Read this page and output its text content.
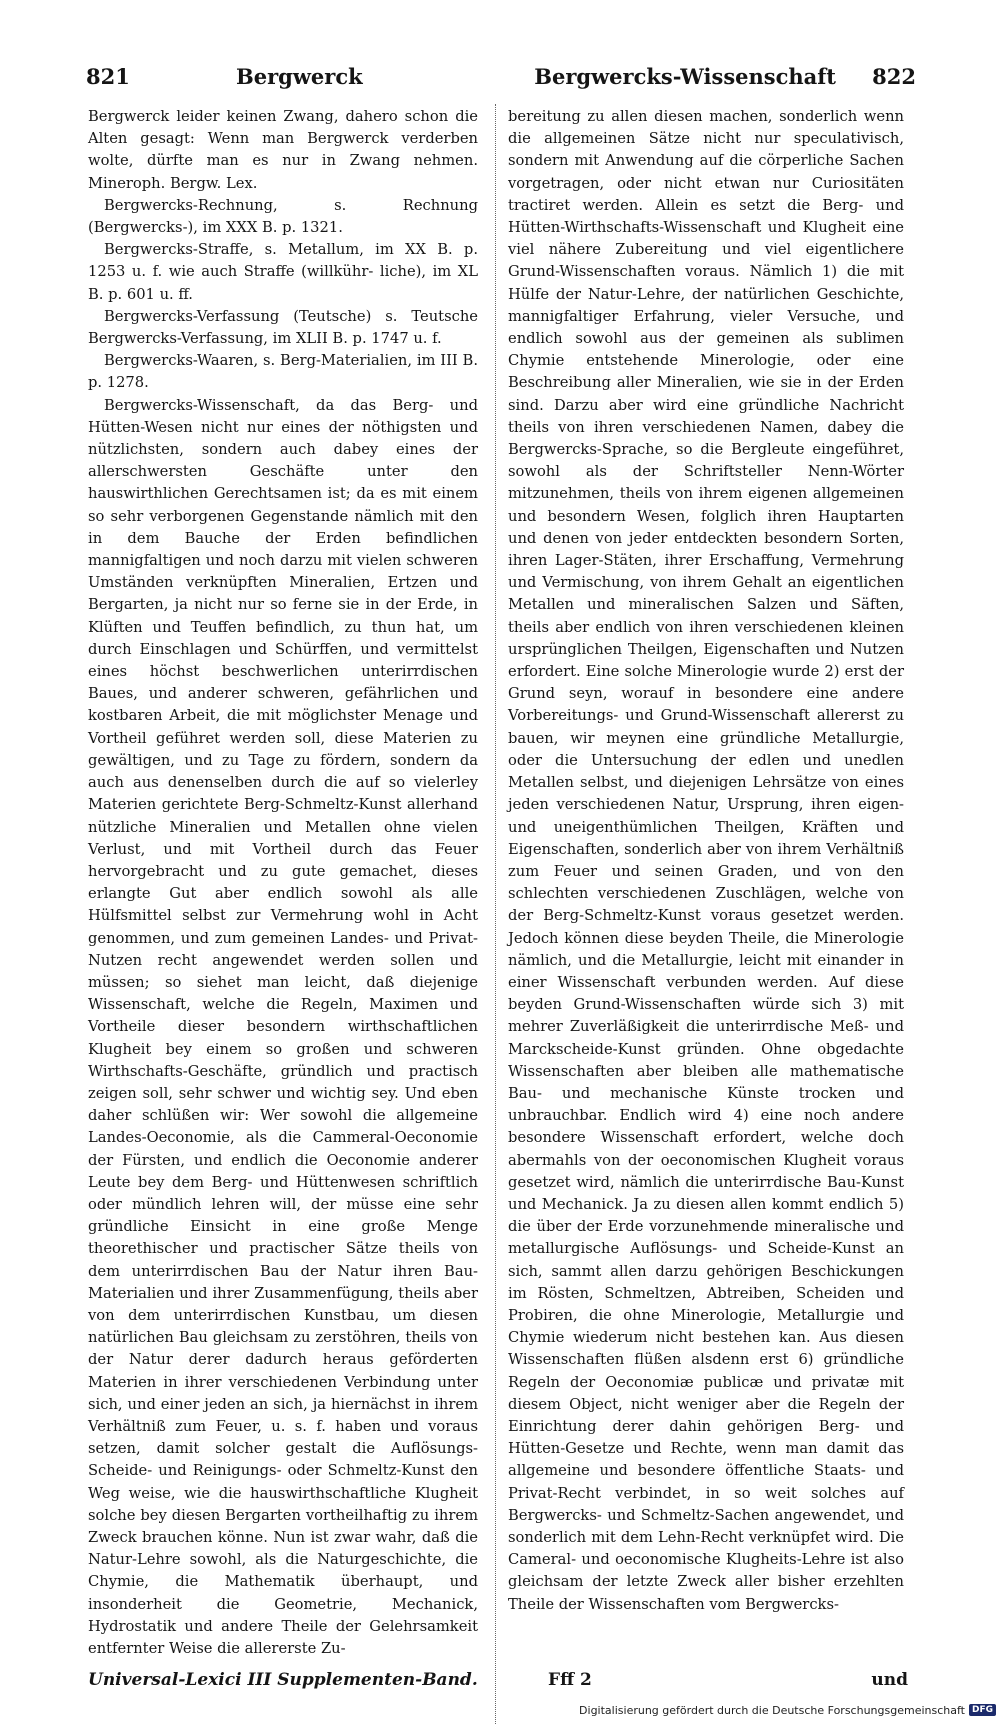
821	Bergwerck	Bergwercks-Wissenschaft 822

Bergwerck leider keinen Zwang, dahero schon die Alten gesagt: Wenn man Bergwerck verderben wolte, dürfte man es nur in Zwang nehmen. Mineroph. Bergw. Lex.

Bergwercks-Rechnung, s. Rechnung (Bergwercks-), im XXX B. p. 1321.

Bergwercks-Straffe, s. Metallum, im XX B. p. 1253 u. f. wie auch Straffe (willkühr- liche), im XL B. p. 601 u. ff.

Bergwercks-Verfassung (Teutsche) s. Teutsche Bergwercks-Verfassung, im XLII B. p. 1747 u. f.

Bergwercks-Waaren, s. Berg-Materialien, im III B. p. 1278.

Bergwercks-Wissenschaft, da das Berg- und Hütten-Wesen nicht nur eines der nöthigsten und nützlichsten, sondern auch dabey eines der allerschwersten Geschäfte unter den hauswirthlichen Gerechtsamen ist; da es mit einem so sehr verborgenen Gegenstande nämlich mit den in dem Bauche der Erden befindlichen mannigfaltigen und noch darzu mit vielen schweren Umständen verknüpften Mineralien, Ertzen und Bergarten, ja nicht nur so ferne sie in der Erde, in Klüften und Teuffen befindlich, zu thun hat, um durch Einschlagen und Schürffen, und vermittelst eines höchst beschwerlichen unterirrdischen Baues, und anderer schweren, gefährlichen und kostbaren Arbeit, die mit möglichster Menage und Vortheil geführet werden soll, diese Materien zu gewältigen, und zu Tage zu fördern, sondern da auch aus denenselben durch die auf so vielerley Materien gerichtete Berg-Schmeltz-Kunst allerhand nützliche Mineralien und Metallen ohne vielen Verlust, und mit Vortheil durch das Feuer hervorgebracht und zu gute gemachet, dieses erlangte Gut aber endlich sowohl als alle Hülfsmittel selbst zur Vermehrung wohl in Acht genommen, und zum gemeinen Landes- und Privat-Nutzen recht angewendet werden sollen und müssen; so siehet man leicht, daß diejenige Wissenschaft, welche die Regeln, Maximen und Vortheile dieser besondern wirthschaftlichen Klugheit bey einem so großen und schweren Wirthschafts-Geschäfte, gründlich und practisch zeigen soll, sehr schwer und wichtig sey. Und eben daher schlüßen wir: Wer sowohl die allgemeine Landes-Oeconomie, als die Cammeral-Oeconomie der Fürsten, und endlich die Oeconomie anderer Leute bey dem Berg- und Hüttenwesen schriftlich oder mündlich lehren will, der müsse eine sehr gründliche Einsicht in eine große Menge theorethischer und practischer Sätze theils von dem unterirrdischen Bau der Natur ihren Bau-Materialien und ihrer Zusammenfügung, theils aber von dem unterirrdischen Kunstbau, um diesen natürlichen Bau gleichsam zu zerstöhren, theils von der Natur derer dadurch heraus geförderten Materien in ihrer verschiedenen Verbindung unter sich, und einer jeden an sich, ja hiernächst in ihrem Verhältniß zum Feuer, u. s. f. haben und voraus setzen, damit solcher gestalt die Auflösungs-Scheide- und Reinigungs- oder Schmeltz-Kunst den Weg weise, wie die hauswirthschaftliche Klugheit solche bey diesen Bergarten vortheilhaftig zu ihrem Zweck brauchen könne. Nun ist zwar wahr, daß die Natur-Lehre sowohl, als die Naturgeschichte, die Chymie, die Mathematik überhaupt, und insonderheit die Geometrie, Mechanick, Hydrostatik und andere Theile der Gelehrsamkeit entfernter Weise die allererste Zu-

bereitung zu allen diesen machen, sonderlich wenn die allgemeinen Sätze nicht nur speculativisch, sondern mit Anwendung auf die cörperliche Sachen vorgetragen, oder nicht etwan nur Curiositäten tractiret werden. Allein es setzt die Berg- und Hütten-Wirthschafts-Wissenschaft und Klugheit eine viel nähere Zubereitung und viel eigentlichere Grund-Wissenschaften voraus. Nämlich 1) die mit Hülfe der Natur-Lehre, der natürlichen Geschichte, mannigfaltiger Erfahrung, vieler Versuche, und endlich sowohl aus der gemeinen als sublimen Chymie entstehende Minerologie, oder eine Beschreibung aller Mineralien, wie sie in der Erden sind. Darzu aber wird eine gründliche Nachricht theils von ihren verschiedenen Namen, dabey die Bergwercks-Sprache, so die Bergleute eingeführet, sowohl als der Schriftsteller Nenn-Wörter mitzunehmen, theils von ihrem eigenen allgemeinen und besondern Wesen, folglich ihren Hauptarten und denen von jeder entdeckten besondern Sorten, ihren Lager-Stäten, ihrer Erschaffung, Vermehrung und Vermischung, von ihrem Gehalt an eigentlichen Metallen und mineralischen Salzen und Säften, theils aber endlich von ihren verschiedenen kleinen ursprünglichen Theilgen, Eigenschaften und Nutzen erfordert. Eine solche Minerologie wurde 2) erst der Grund seyn, worauf in besondere eine andere Vorbereitungs- und Grund-Wissenschaft allererst zu bauen, wir meynen eine gründliche Metallurgie, oder die Untersuchung der edlen und unedlen Metallen selbst, und diejenigen Lehrsätze von eines jeden verschiedenen Natur, Ursprung, ihren eigen- und uneigenthümlichen Theilgen, Kräften und Eigenschaften, sonderlich aber von ihrem Verhältniß zum Feuer und seinen Graden, und von den schlechten verschiedenen Zuschlägen, welche von der Berg-Schmeltz-Kunst voraus gesetzet werden. Jedoch können diese beyden Theile, die Minerologie nämlich, und die Metallurgie, leicht mit einander in einer Wissenschaft verbunden werden. Auf diese beyden Grund-Wissenschaften würde sich 3) mit mehrer Zuverläßigkeit die unterirrdische Meß- und Marckscheide-Kunst gründen. Ohne obgedachte Wissenschaften aber bleiben alle mathematische Bau- und mechanische Künste trocken und unbrauchbar. Endlich wird 4) eine noch andere besondere Wissenschaft erfordert, welche doch abermahls von der oeconomischen Klugheit voraus gesetzet wird, nämlich die unterirrdische Bau-Kunst und Mechanick. Ja zu diesen allen kommt endlich 5) die über der Erde vorzunehmende mineralische und metallurgische Auflösungs- und Scheide-Kunst an sich, sammt allen darzu gehörigen Beschickungen im Rösten, Schmeltzen, Abtreiben, Scheiden und Probiren, die ohne Minerologie, Metallurgie und Chymie wiederum nicht bestehen kan. Aus diesen Wissenschaften flüßen alsdenn erst 6) gründliche Regeln der Oeconomiæ publicæ und privatæ mit diesem Object, nicht weniger aber die Regeln der Einrichtung derer dahin gehörigen Berg- und Hütten-Gesetze und Rechte, wenn man damit das allgemeine und besondere öffentliche Staats- und Privat-Recht verbindet, in so weit solches auf Bergwercks- und Schmeltz-Sachen angewendet, und sonderlich mit dem Lehn-Recht verknüpfet wird. Die Cameral- und oeconomische Klugheits-Lehre ist also gleichsam der letzte Zweck aller bisher erzehlten Theile der Wissenschaften vom Bergwercks-

Universal-Lexici III Supplementen-Band.	Fff 2	und
Digitalisierung gefördert durch die Deutsche Forschungsgemeinschaft DFG
